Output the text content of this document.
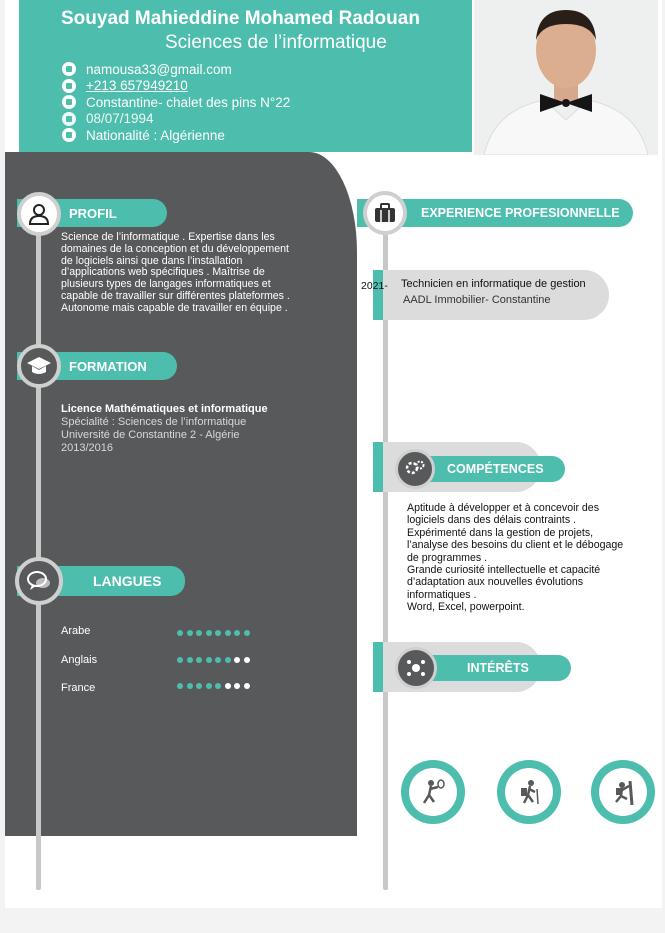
Souyad Mahieddine Mohamed Radouan
Sciences de l’informatique
namousa33@gmail.com
+213 657949210
Constantine- chalet des pins N°22
08/07/1994
Nationalité : Algérienne
PROFIL
Science de l’informatique . Expertise dans les domaines de la conception et du développement de logiciels ainsi que dans l’installation d’applications web spécifiques . Maîtrise de plusieurs types de langages informatiques et capable de travailler sur différentes plateformes . Autonome mais capable de travailler en équipe .
FORMATION
Licence Mathématiques et informatique
Spécialité : Sciences de l’informatique
Université de Constantine 2 - Algérie
2013/2016
LANGUES
Arabe
Anglais
France
EXPERIENCE PROFESIONNELLE
2021- Technicien en informatique de gestion
AADL Immobilier- Constantine
COMPÉTENCES
Aptitude à développer et à concevoir des
logiciels dans des délais contraints .
Expérimenté dans la gestion de projets,
l’analyse des besoins du client et le débogage
de programmes .
Grande curiosité intellectuelle et capacité
d’adaptation aux nouvelles évolutions
informatiques .
Word, Excel, powerpoint.
INTÉRÊTS
